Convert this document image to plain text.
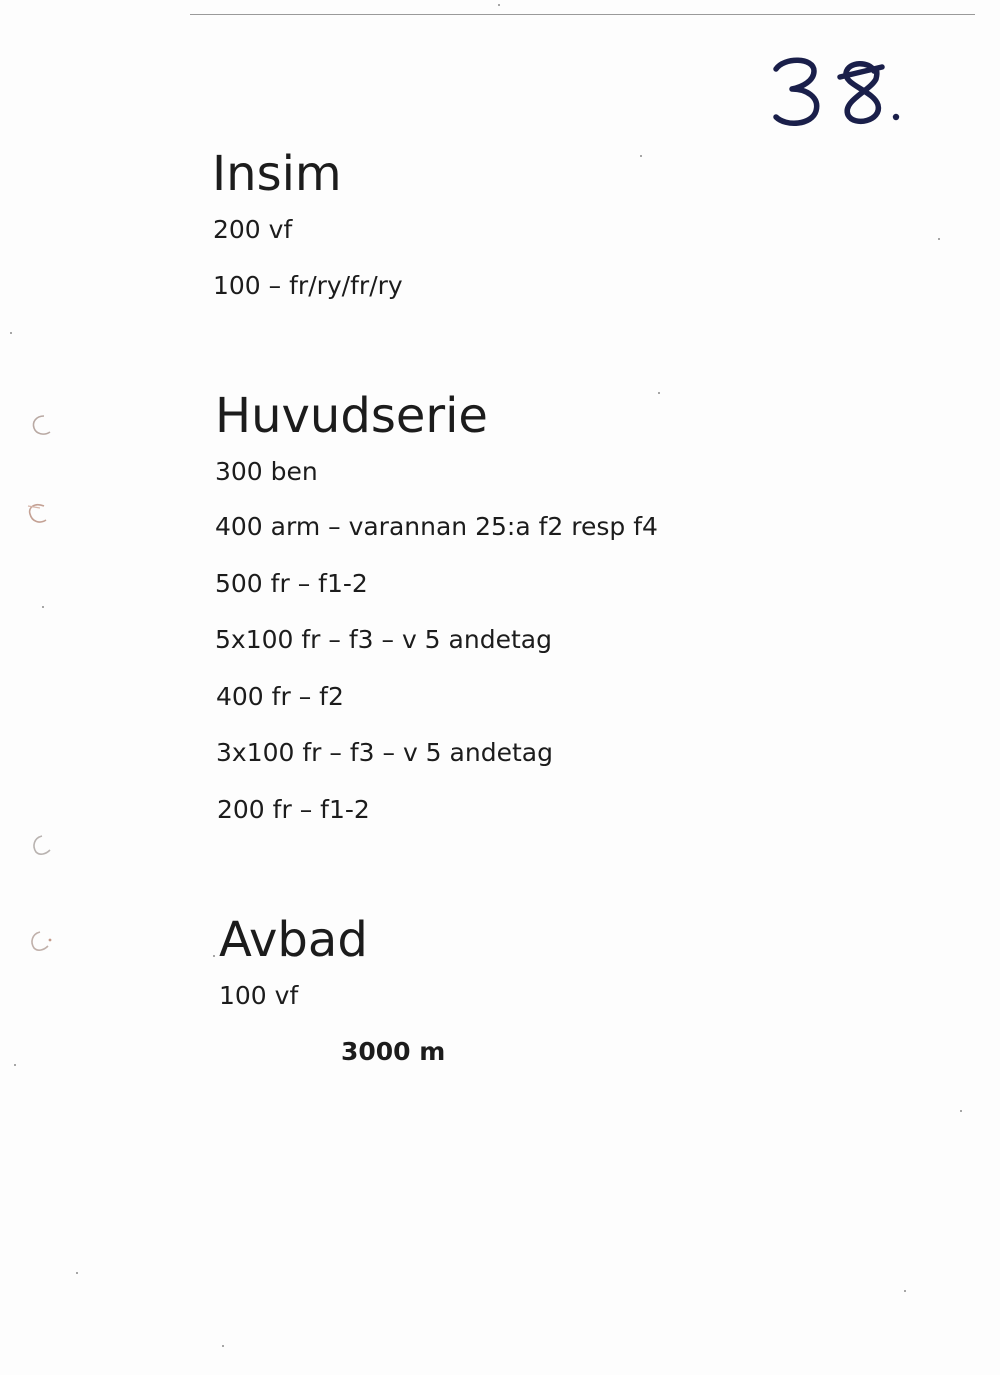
Insim
200 vf
100 – fr/ry/fr/ry
Huvudserie
300 ben
400 arm – varannan 25:a f2 resp f4
500 fr – f1-2
5x100 fr – f3 – v 5 andetag
400 fr – f2
3x100 fr – f3 – v 5 andetag
200 fr – f1-2
Avbad
100 vf
3000 m
